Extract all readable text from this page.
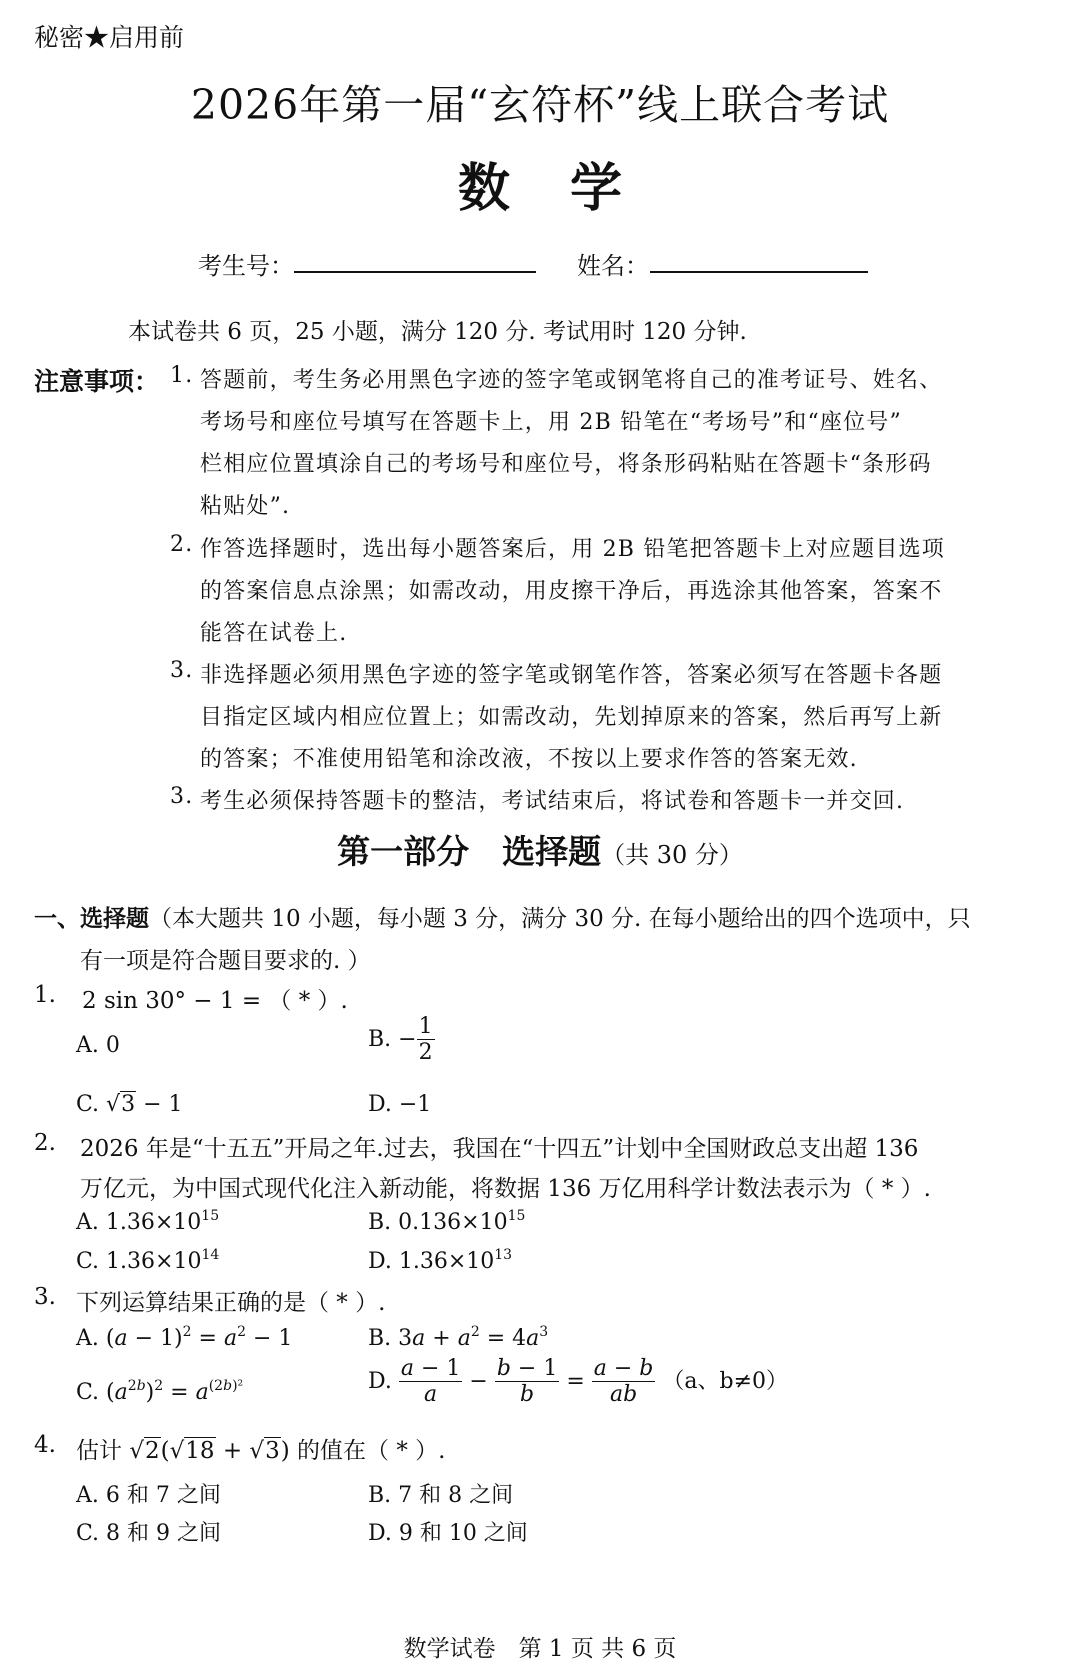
秘密★启用前
2026年第一届“玄符杯”线上联合考试
数学
考生号：	姓名：
本试卷共 6 页，25 小题，满分 120 分. 考试用时 120 分钟.
注意事项： 1. 答题前，考生务必用黑色字迹的签字笔或钢笔将自己的准考证号、姓名、
考场号和座位号填写在答题卡上，用 2B 铅笔在“考场号”和“座位号”
栏相应位置填涂自己的考场号和座位号，将条形码粘贴在答题卡“条形码
粘贴处”.
2. 作答选择题时，选出每小题答案后，用 2B 铅笔把答题卡上对应题目选项
的答案信息点涂黑；如需改动，用皮擦干净后，再选涂其他答案，答案不
能答在试卷上.
3. 非选择题必须用黑色字迹的签字笔或钢笔作答，答案必须写在答题卡各题
目指定区域内相应位置上；如需改动，先划掉原来的答案，然后再写上新
的答案；不准使用铅笔和涂改液，不按以上要求作答的答案无效.
3. 考生必须保持答题卡的整洁，考试结束后，将试卷和答题卡一并交回.
第一部分　选择题（共 30 分）
一、选择题（本大题共 10 小题，每小题 3 分，满分 30 分. 在每小题给出的四个选项中，只
有一项是符合题目要求的. ）
1. 2 sin 30° − 1 = （ * ）.
A. 0	B. − $\frac{1}{2}$
C. √3 − 1	D. −1
2. 2026 年是“十五五”开局之年.过去，我国在“十四五”计划中全国财政总支出超 136
万亿元，为中国式现代化注入新动能，将数据 136 万亿用科学计数法表示为（ * ）.
A. $1.36\times 10^{15}$	B. $0.136\times 10^{15}$
C. $1.36\times 10^{14}$	D. $1.36\times 10^{13}$
3. 下列运算结果正确的是（ * ）.
A. $(a - 1)^2 = a^2 - 1$	B. $3a + a^2 = 4a^3$
C. $(a^{2b})^2 = a^{(2b)^2}$	D. $\frac{a - 1}{a} - \frac{b - 1}{b} = \frac{a - b}{ab} (a$、b≠0）
4. 估计 √2(√18 + √3) 的值在（ * ）.
A. 6 和 7 之间	B. 7 和 8 之间
C. 8 和 9 之间	D. 9 和 10 之间
数学试卷　第 1 页 共 6 页
